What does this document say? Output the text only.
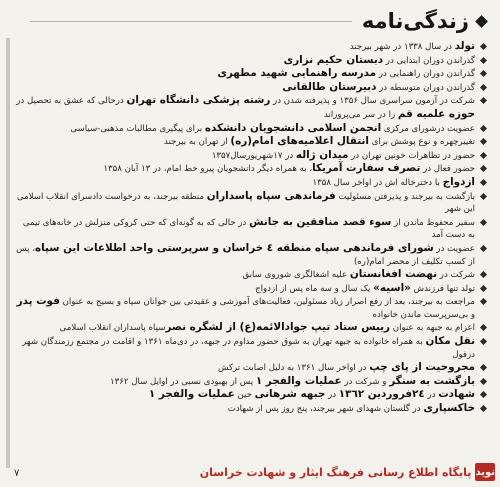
زندگی‌نامه
تولد در سال ۱۳۳۸ در شهر بیرجند
گذراندن دوران ابتدایی در دبستان حکیم نزاری
گذراندن دوران راهنمایی در مدرسه راهنمایی شهید مطهری
گذراندن دوران متوسطه در دبیرستان طالقانی
شرکت در آزمون سراسری سال ۱۳۵۶ و پذیرفته شدن در رشته پزشکی دانشگاه تهران درحالی که عشق به تحصیل در حوزه علمیه قم را در سر می‌پروراند
عضویت درشورای مرکزی انجمن اسلامی دانشجویان دانشکده برای پیگیری مطالبات مذهبی-سیاسی
تغییرچهره و نوع پوشش برای انتقال اعلامیه‌های امام(ره) از تهران به بیرجند
حضور در تظاهرات خونین تهران در میدان ژاله در ۱۷شهریورسال۱۳۵۷
حضور فعال در تصرف سفارت آمریکا، به همراه دیگر دانشجویان پیرو خط امام، در ۱۳ آبان ۱۳۵۸
ازدواج با دخترخاله اش در اواخر سال ۱۳۵۸
بازگشت به بیرجند و پذیرفتن مسئولیت فرماندهی سپاه پاسداران منطقه بیرجند، به درخواست دادسرای انقلاب اسلامی این شهر
سفیر محفوظ ماندن از سوء قصد منافقین به جانش در حالی که به گونه‌ای که حتی کروکی منزلش در خانه‌های تیمی به دست آمد
عضویت در شورای فرماندهی سپاه منطقه ٤ خراسان و سرپرستی واحد اطلاعات این سپاه، پس از کسب تکلیف از محضر امام(ره)
شرکت در نهضت افغانستان علیه اشغالگری شوروی سابق
تولد تنها فرزندش «اسیه» یک سال و سه ماه پس از ازدواج
مراجعت به بیرجند، بعد از رفع اصرار زیاد مسئولین، فعالیت‌های آموزشی و عقیدتی بین جوانان سپاه و بسیج به عنوان فوت پدر و بی‌سرپرست ماندن خانواده
اعزام به جبهه به عنوان رییس ستاد تیپ جوادالائمه(ع) از لشگره نصرسپاه پاسداران انقلاب اسلامی
نقل مکان به همراه خانواده به جبهه تهران به شوق حضور مداوم در جبهه، در دی‌ماه ۱۳۶۱ و اقامت در مجتمع رزمندگان شهر دزفول
مجروحیت از پای چپ در اواخر سال ۱۳۶۱ به دلیل اصابت ترکش
بازگشت به سنگر و شرکت در عملیات والفجر ۱ پس از بهبودی نسبی در اوایل سال ۱۳۶۲
شهادت در ۲٤فروردین ۱۳٦۲ در جبهه شرهانی حین عملیات والفجر ۱
خاکسپاری در گلستان شهدای شهر بیرجند، پنج روز پس از شهادت
نوید
پایگاه اطلاع رسانی فرهنگ ایثار و شهادت خراسان
۷
